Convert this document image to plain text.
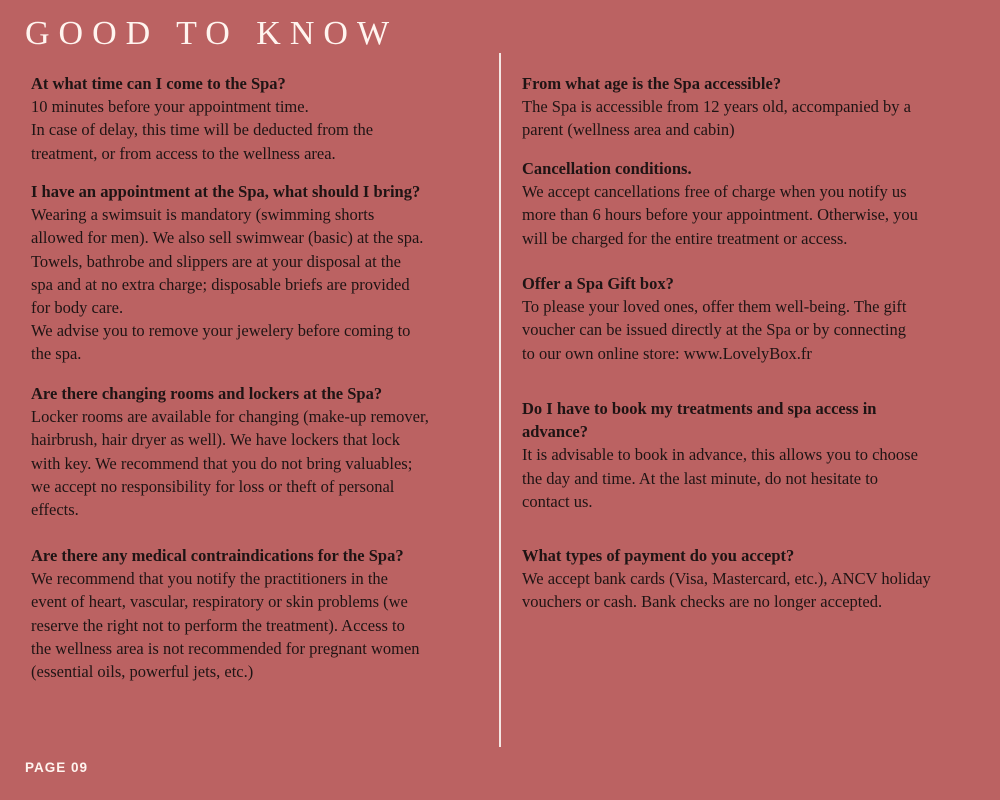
GOOD TO KNOW

At what time can I come to the Spa?

10 minutes before your appointment time.
In case of delay, this time will be deducted from the
treatment, or from access to the wellness area.

I have an appointment at the Spa, what should I bring?

Wearing a swimsuit is mandatory (swimming shorts
allowed for men). We also sell swimwear (basic) at the spa.
Towels, bathrobe and slippers are at your disposal at the
spa and at no extra charge; disposable briefs are provided
for body care.
We advise you to remove your jewelery before coming to
the spa.

Are there changing rooms and lockers at the Spa?

Locker rooms are available for changing (make-up remover,
hairbrush, hair dryer as well). We have lockers that lock
with key. We recommend that you do not bring valuables;
we accept no responsibility for loss or theft of personal
effects.

Are there any medical contraindications for the Spa?

We recommend that you notify the practitioners in the
event of heart, vascular, respiratory or skin problems (we
reserve the right not to perform the treatment). Access to
the wellness area is not recommended for pregnant women
(essential oils, powerful jets, etc.)

From what age is the Spa accessible?

The Spa is accessible from 12 years old, accompanied by a
parent (wellness area and cabin)

Cancellation conditions.

We accept cancellations free of charge when you notify us
more than 6 hours before your appointment. Otherwise, you
will be charged for the entire treatment or access.

Offer a Spa Gift box?

To please your loved ones, offer them well-being. The gift
voucher can be issued directly at the Spa or by connecting
to our own online store: www.LovelyBox.fr

Do I have to book my treatments and spa access in
advance?

It is advisable to book in advance, this allows you to choose
the day and time. At the last minute, do not hesitate to
contact us.

What types of payment do you accept?

We accept bank cards (Visa, Mastercard, etc.), ANCV holiday
vouchers or cash. Bank checks are no longer accepted.

PAGE 09
